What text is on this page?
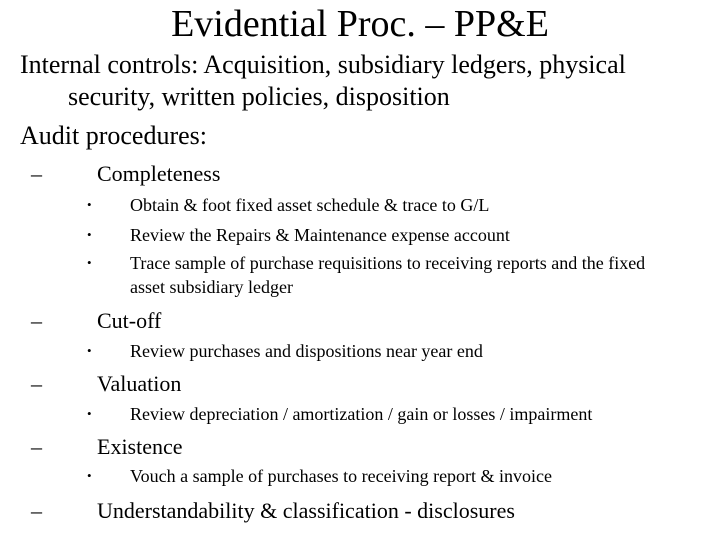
Evidential Proc. – PP&E
Internal controls: Acquisition, subsidiary ledgers, physical
security, written policies, disposition
Audit procedures:
–	Completeness
• Obtain & foot fixed asset schedule & trace to G/L
• Review the Repairs & Maintenance expense account
• Trace sample of purchase requisitions to receiving reports and the fixed
asset subsidiary ledger
–	Cut-off
• Review purchases and dispositions near year end
–	Valuation
• Review depreciation / amortization / gain or losses / impairment
–	Existence
• Vouch a sample of purchases to receiving report & invoice
–	Understandability & classification - disclosures
